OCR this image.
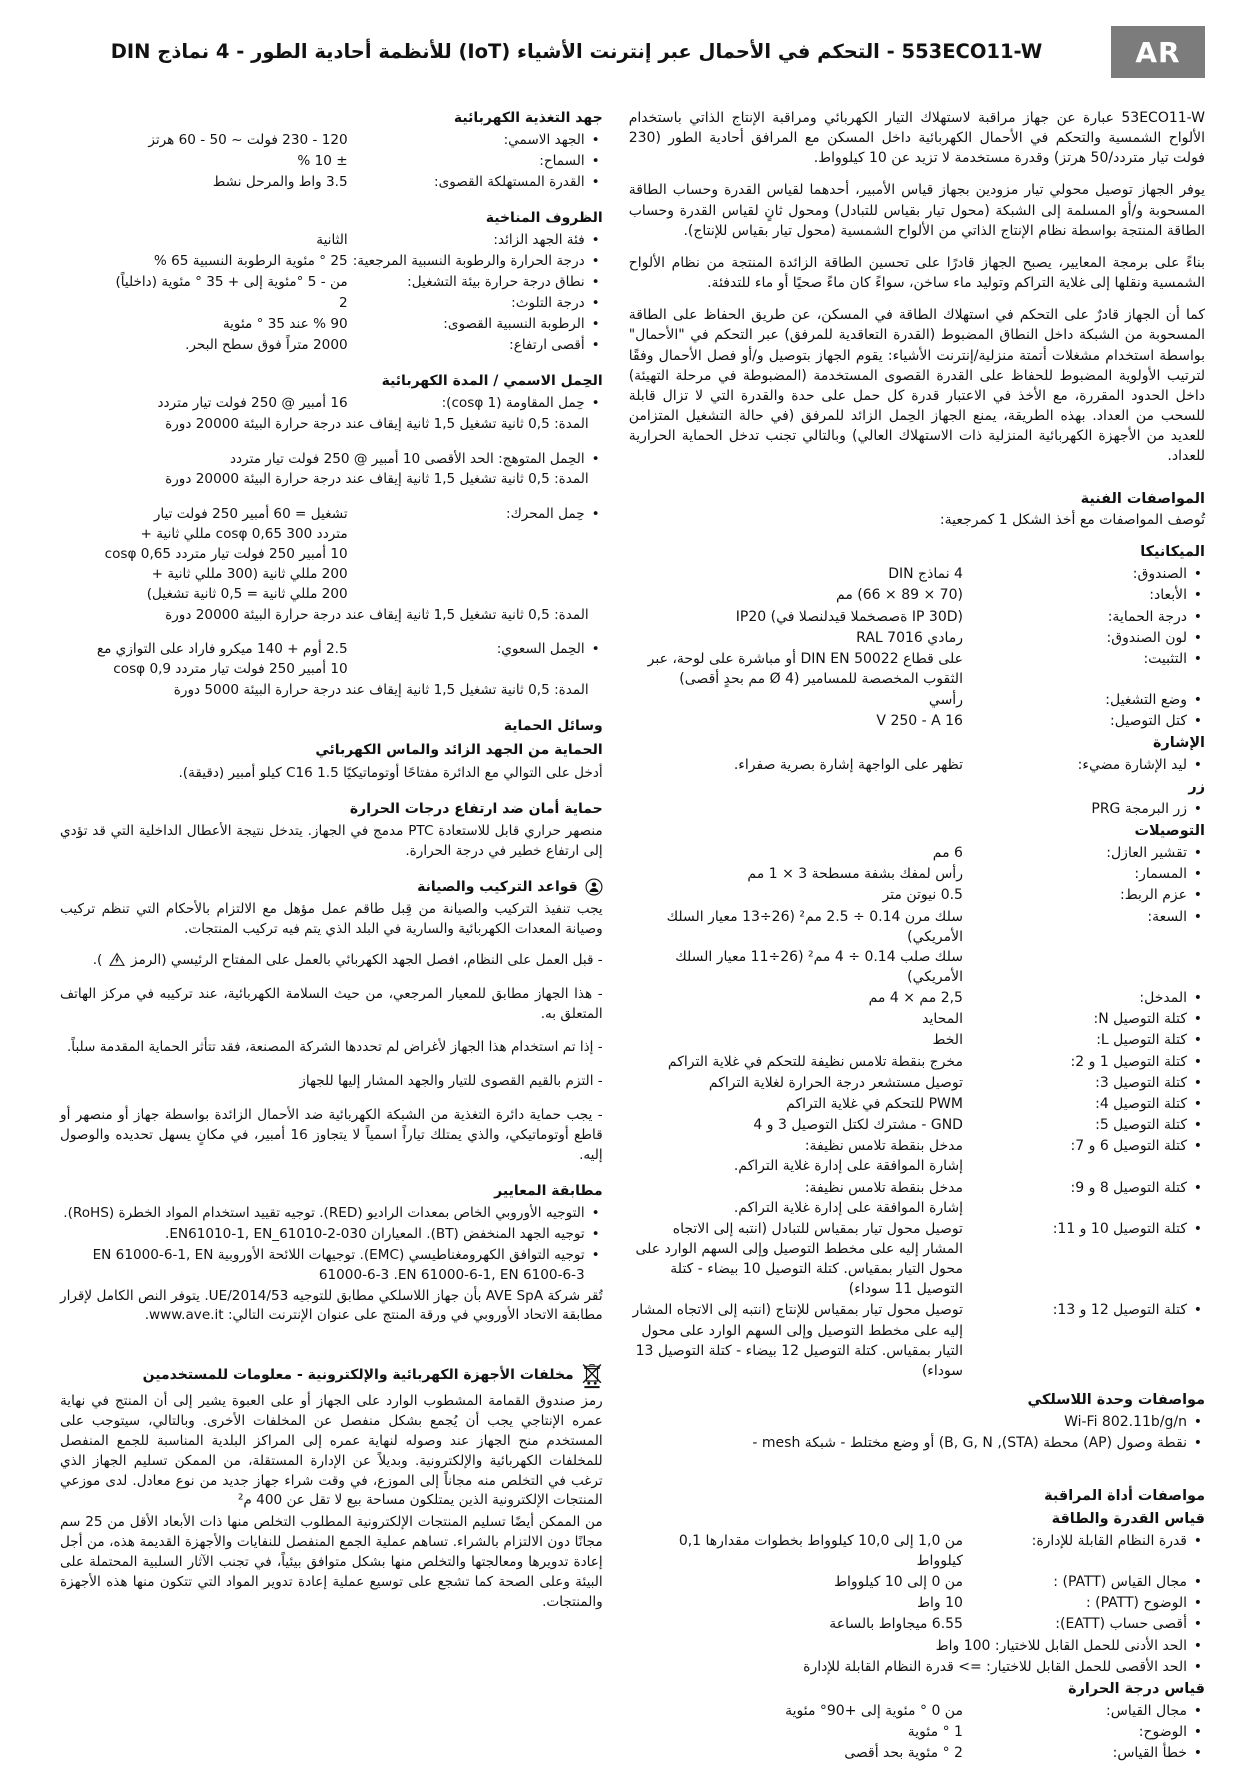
AR
553ECO11-W - التحكم في الأحمال عبر إنترنت الأشياء (IoT) للأنظمة أحادية الطور - 4 نماذج DIN

53ECO11-W عبارة عن جهاز مراقبة لاستهلاك التيار الكهربائي ومراقبة الإنتاج الذاتي باستخدام الألواح الشمسية والتحكم في الأحمال الكهربائية داخل المسكن مع المرافق أحادية الطور (230 فولت تيار متردد/50 هرتز) وقدرة مستخدمة لا تزيد عن 10 كيلوواط.

يوفر الجهاز توصيل محولي تيار مزودين بجهاز قياس الأمبير، أحدهما لقياس القدرة وحساب الطاقة المسحوبة و/أو المسلمة إلى الشبكة (محول تيار بقياس للتبادل) ومحول ثانٍ لقياس القدرة وحساب الطاقة المنتجة بواسطة نظام الإنتاج الذاتي من الألواح الشمسية (محول تيار بقياس للإنتاج).

بناءً على برمجة المعايير، يصبح الجهاز قادرًا على تحسين الطاقة الزائدة المنتجة من نظام الألواح الشمسية ونقلها إلى غلاية التراكم وتوليد ماء ساخن، سواءً كان ماءً صحيًا أو ماء للتدفئة.

كما أن الجهاز قادرٌ على التحكم في استهلاك الطاقة في المسكن، عن طريق الحفاظ على الطاقة المسحوبة من الشبكة داخل النطاق المضبوط (القدرة التعاقدية للمرفق) عبر التحكم في "الأحمال" بواسطة استخدام مشغلات أتمتة منزلية/إنترنت الأشياء: يقوم الجهاز بتوصيل و/أو فصل الأحمال وفقًا لترتيب الأولوية المضبوط للحفاظ على القدرة القصوى المستخدمة (المضبوطة في مرحلة التهيئة) داخل الحدود المقررة، مع الأخذ في الاعتبار قدرة كل حمل على حدة والقدرة التي لا تزال قابلة للسحب من العداد. بهذه الطريقة، يمنع الجهاز الحِمل الزائد للمرفق (في حالة التشغيل المتزامن للعديد من الأجهزة الكهربائية المنزلية ذات الاستهلاك العالي) وبالتالي تجنب تدخل الحماية الحرارية للعداد.

المواصفات الفنية
تُوصف المواصفات مع أخذ الشكل 1 كمرجعية:
الميكانيكا
• الصندوق:
4 نماذج DIN
• الأبعاد:
(70 × 89 × 66) مم
• درجة الحماية:
IP20 (ةصصخملا قيدلنصلا في IP 30D)
• لون الصندوق:
رمادي RAL 7016
• التثبيت:
على قطاع DIN EN 50022 أو مباشرة على لوحة، عبر الثقوب المخصصة للمسامير (Ø 4 مم بحدٍ أقصى)
• وضع التشغيل:
رأسي
• كتل التوصيل:
V 250 - A 16
الإشارة
• ليد الإشارة مضيء:
تظهر على الواجهة إشارة بصرية صفراء.
زر
• زر البرمجة PRG
التوصيلات
• تقشير العازل:
6 مم
• المسمار:
رأس لمفك بشفة مسطحة 3 × 1 مم
• عزم الربط:
0.5 نيوتن متر
• السعة:
سلك مرن 0.14 ÷ 2.5 مم² (26÷13 معيار السلك الأمريكي)
سلك صلب 0.14 ÷ 4 مم² (26÷11 معيار السلك الأمريكي)
• المدخل:
2,5 مم × 4 مم
• كتلة التوصيل N:
المحايد
• كتلة التوصيل L:
الخط
• كتلة التوصيل 1 و 2:
مخرج بنقطة تلامس نظيفة للتحكم في غلاية التراكم
• كتلة التوصيل 3:
توصيل مستشعر درجة الحرارة لغلاية التراكم
• كتلة التوصيل 4:
PWM للتحكم في غلاية التراكم
• كتلة التوصيل 5:
GND - مشترك لكتل التوصيل 3 و 4
• كتلة التوصيل 6 و 7:
مدخل بنقطة تلامس نظيفة:
إشارة الموافقة على إدارة غلاية التراكم.
• كتلة التوصيل 8 و 9:
مدخل بنقطة تلامس نظيفة:
إشارة الموافقة على إدارة غلاية التراكم.
• كتلة التوصيل 10 و 11:
توصيل محول تيار بمقياس للتبادل (انتبه إلى الاتجاه المشار إليه على مخطط التوصيل وإلى السهم الوارد على محول التيار بمقياس. كتلة التوصيل 10 بيضاء - كتلة التوصيل 11 سوداء)
• كتلة التوصيل 12 و 13:
توصيل محول تيار بمقياس للإنتاج (انتبه إلى الاتجاه المشار إليه على مخطط التوصيل وإلى السهم الوارد على محول التيار بمقياس. كتلة التوصيل 12 بيضاء - كتلة التوصيل 13 سوداء)
مواصفات وحدة اللاسلكي
• Wi-Fi 802.11b/g/n
• نقطة وصول (AP) محطة (STA), B, G, N) أو وضع مختلط - شبكة mesh -
مواصفات أداة المراقبة
قياس القدرة والطاقة
• قدرة النظام القابلة للإدارة:
من 1,0 إلى 10,0 كيلوواط بخطوات مقدارها 0,1 كيلوواط
• مجال القياس (PATT) :
من 0 إلى 10 كيلوواط
• الوضوح (PATT) :
10 واط
• أقصى حساب (EATT):
6.55 ميجاواط بالساعة
• الحد الأدنى للحمل القابل للاختيار: 100 واط
• الحد الأقصى للحمل القابل للاختيار: => قدرة النظام القابلة للإدارة
قياس درجة الحرارة
• مجال القياس:
من 0 ° مئوية إلى +90° مئوية
• الوضوح:
1 ° مئوية
• خطأ القياس:
2 ° مئوية بحد أقصى
جهد التغذية الكهربائية
• الجهد الاسمي:
120 - 230 فولت ~ 50 - 60 هرتز
• السماح:
± 10 %
• القدرة المستهلكة القصوى:
3.5 واط والمرحل نشط
الظروف المناخية
• فئة الجهد الزائد:
الثانية
• درجة الحرارة والرطوبة النسبية المرجعية:
25 ° مئوية الرطوبة النسبية 65 %
• نطاق درجة حرارة بيئة التشغيل:
من - 5 °مئوية إلى + 35 ° مئوية (داخلياً)
• درجة التلوث:
2
• الرطوبة النسبية القصوى:
90 % عند 35 ° مئوية
• أقصى ارتفاع:
2000 متراً فوق سطح البحر.
الحِمل الاسمي / المدة الكهربائية
• حِمل المقاومة (cosφ 1):
16 أمبير @ 250 فولت تيار متردد
المدة: 0,5 ثانية تشغيل 1,5 ثانية إيقاف عند درجة حرارة البيئة 20000 دورة
• الحِمل المتوهج: الحد الأقصى 10 أمبير @ 250 فولت تيار متردد
المدة: 0,5 ثانية تشغيل 1,5 ثانية إيقاف عند درجة حرارة البيئة 20000 دورة
• حِمل المحرك:
تشغيل = 60 أمبير 250 فولت تيار
متردد 300 cosφ 0,65 مللي ثانية +
10 أمبير 250 فولت تيار متردد cosφ 0,65
200 مللي ثانية (300 مللي ثانية +
200 مللي ثانية = 0,5 ثانية تشغيل)
المدة: 0,5 ثانية تشغيل 1,5 ثانية إيقاف عند درجة حرارة البيئة 20000 دورة
• الحِمل السعوي:
2.5 أوم + 140 ميكرو فاراد على التوازي مع
10 أمبير 250 فولت تيار متردد cosφ 0,9
المدة: 0,5 ثانية تشغيل 1,5 ثانية إيقاف عند درجة حرارة البيئة 5000 دورة
وسائل الحماية
الحماية من الجهد الزائد والماس الكهربائي

أدخل على التوالي مع الدائرة مفتاحًا أوتوماتيكيًا C16 1.5 كيلو أمبير (دقيقة).

حماية أمان ضد ارتفاع درجات الحرارة

منصهر حراري قابل للاستعادة PTC مدمج في الجهاز. يتدخل نتيجة الأعطال الداخلية التي قد تؤدي إلى ارتفاع خطير في درجة الحرارة.

قواعد التركيب والصيانة

يجب تنفيذ التركيب والصيانة من قِبل طاقم عمل مؤهل مع الالتزام بالأحكام التي تنظم تركيب وصيانة المعدات الكهربائية والسارية في البلد الذي يتم فيه تركيب المنتجات.

- قبل العمل على النظام، افصل الجهد الكهربائي بالعمل على المفتاح الرئيسي (الرمز  ).

- هذا الجهاز مطابق للمعيار المرجعي، من حيث السلامة الكهربائية، عند تركيبه في مركز الهاتف المتعلق به.

- إذا تم استخدام هذا الجهاز لأغراض لم تحددها الشركة المصنعة، فقد تتأثر الحماية المقدمة سلباً.

- التزم بالقيم القصوى للتيار والجهد المشار إليها للجهاز

- يجب حماية دائرة التغذية من الشبكة الكهربائية ضد الأحمال الزائدة بواسطة جهاز أو منصهر أو قاطع أوتوماتيكي، والذي يمتلك تياراً اسمياً لا يتجاوز 16 أمبير، في مكانٍ يسهل تحديده والوصول إليه.

مطابقة المعايير
• التوجيه الأوروبي الخاص بمعدات الراديو (RED). توجيه تقييد استخدام المواد الخطرة (RoHS).
• توجيه الجهد المنخفض (BT). المعياران EN61010-1, EN_61010-2-030.
• توجيه التوافق الكهرومغناطيسي (EMC). توجيهات اللائحة الأوروبية EN 61000-6-1, EN 61000-6-3 .EN 61000-6-1, EN 6100-6-3

تُقر شركة AVE SpA بأن جهاز اللاسلكي مطابق للتوجيه 2014/53/UE. يتوفر النص الكامل لإقرار مطابقة الاتحاد الأوروبي في ورقة المنتج على عنوان الإنترنت التالي: www.ave.it.

مخلفات الأجهزة الكهربائية والإلكترونية - معلومات للمستخدمين

رمز صندوق القمامة المشطوب الوارد على الجهاز أو على العبوة يشير إلى أن المنتج في نهاية عمره الإنتاجي يجب أن يُجمع بشكل منفصل عن المخلفات الأخرى. وبالتالي، سيتوجب على المستخدم منح الجهاز عند وصوله لنهاية عمره إلى المراكز البلدية المناسبة للجمع المنفصل للمخلفات الكهربائية والإلكترونية. وبديلاً عن الإدارة المستقلة، من الممكن تسليم الجهاز الذي ترغب في التخلص منه مجاناً إلى الموزع، في وقت شراء جهاز جديد من نوع معادل. لدى موزعي المنتجات الإلكترونية الذين يمتلكون مساحة بيع لا تقل عن 400 م²

من الممكن أيضًا تسليم المنتجات الإلكترونية المطلوب التخلص منها ذات الأبعاد الأقل من 25 سم مجانًا دون الالتزام بالشراء. تساهم عملية الجمع المنفصل للنفايات والأجهزة القديمة هذه، من أجل إعادة تدويرها ومعالجتها والتخلص منها بشكل متوافق بيئياً، في تجنب الآثار السلبية المحتملة على البيئة وعلى الصحة كما تشجع على توسيع عملية إعادة تدوير المواد التي تتكون منها هذه الأجهزة والمنتجات.
